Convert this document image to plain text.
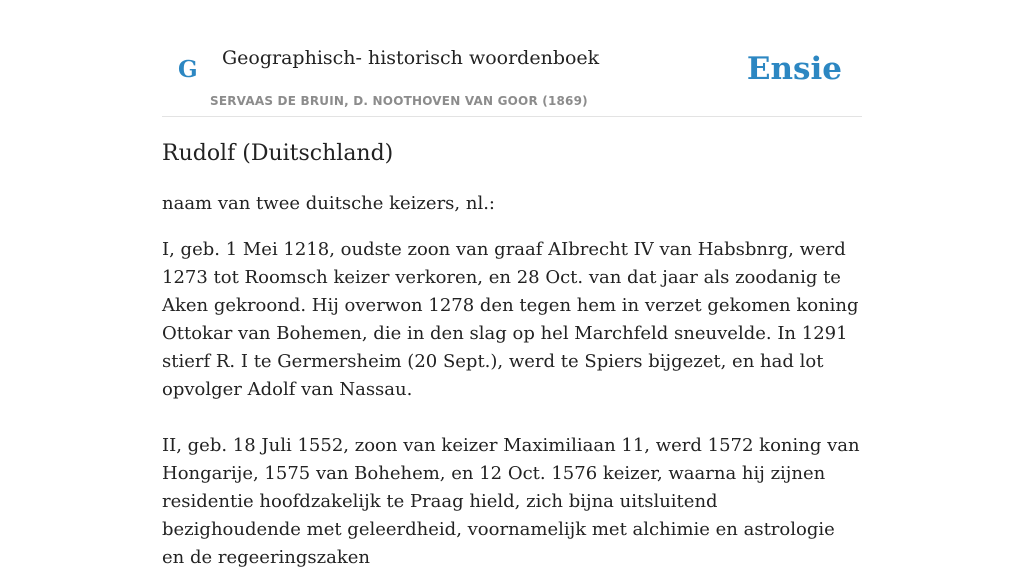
G Geographisch- historisch woordenboek
SERVAAS DE BRUIN, D. NOOTHOVEN VAN GOOR (1869)
Ensie
Rudolf (Duitschland)

naam van twee duitsche keizers, nl.:

I, geb. 1 Mei 1218, oudste zoon van graaf AIbrecht IV van Habsbnrg, werd 1273 tot Roomsch keizer verkoren, en 28 Oct. van dat jaar als zoodanig te Aken gekroond. Hij overwon 1278 den tegen hem in verzet gekomen koning Ottokar van Bohemen, die in den slag op hel Marchfeld sneuvelde. In 1291 stierf R. I te Germersheim (20 Sept.), werd te Spiers bijgezet, en had lot opvolger Adolf van Nassau.

II, geb. 18 Juli 1552, zoon van keizer Maximiliaan 11, werd 1572 koning van Hongarije, 1575 van Bohehem, en 12 Oct. 1576 keizer, waarna hij zijnen residentie hoofdzakelijk te Praag hield, zich bijna uitsluitend bezighoudende met geleerdheid, voornamelijk met alchimie en astrologie en de regeeringszaken
